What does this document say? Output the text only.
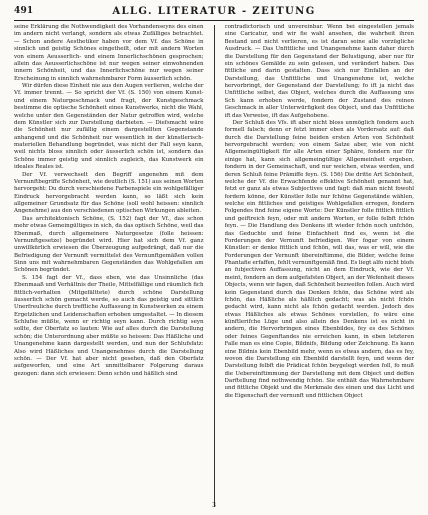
491	ALLG. LITERATUR - ZEITUNG

seine Erklärung die Nothwendigkeit des Vorhandenseyns des einen im andern nicht verlangt, sondern als etwas Zufälliges betrachtet. — Schon andere Aesthetiker haben vor dem Vf. das Schöne in sinnlich und geistig Schönes eingetheilt, oder mit andern Worten von einem Aeusserlich- und einem Innerlichschönen gesprochen; allein das Aeusserlichschöne ist nur wegen seiner einwohnenden innern Schönheit, und das Innerlichschöne nur wegen seiner Erscheinung in sinnlich wahrnehmbarer Form äusserlich schön.

Wir dürfen diese Einheit nie aus den Augen verlieren, welche der Vf. immer trennt. — So spricht der Vf. (S. 150) von einem Kunst- und einem Naturgeschmack und fragt, der Kunstgeschmack bestimme die optische Schönheit eines Kunstwerks, nicht die Wahl, welche unter den Gegenständen der Natur getroffen wird, welche dem Künstler sich zur Darstellung darbieten. — Diefsmacht wäre die Schönheit nur zufällig einem dargestellten Gegenstande anhangend und die Schönheit nur wesentlich in der künstlerisch-materiellen Behandlung begründet, was nicht der Fall seyn kann, weil nichts bloss sinnlich oder äusserlich schön ist, sondern das Schöne immer geistig und sinnlich zugleich, das Kunstwerk ein ideales Reales ist.

Der Vf. verwechselt den Begriff angenehm mit dem Vernunftbegriffe Schönheit, wie deutlich (S. 151) aus seinen Worten hervorgeht: Du durch verschiedene Farbenspiele ein wohlgefälliger Eindruck hervorgebracht werden kann, so läßt sich kein allgemeiner Grundsatz für das Schöne (soll wohl heissen: sinnlich Angenehme) aus den verschiedenen optischen Wirkungen ableiten.

Das architektonisch Schöne, (S. 152) fagt der Vf., das schon mehr etwas Gemeingültiges in sich, da das optisch Schöne, weil das Ebenmaß, durch allgemeinere Naturgesetze (folle heissen: Vernunftgesetze) begründet wird. Hier hat sich dem Vf. ganz unwillkürlich erwiesen die Überzeugung aufgedrängt, daß nur die Befriedigung der Vernunft vermittelst des Vernunftgemäßen vollen Sinn uns mit wahrnehmbaren Gegenständen das Wohlgefallen am Schönen begründet.

S. 154 fagt der Vf., dass eben, wie das Unsinnliche (das Ebenmaaß und Verhältnis der Theile, Mittelfällige und räumlich fich fittlich-verhalten (Mitgefälttete) durch schöne Darstellung äusserlich schön gemacht werde, so auch das geistig und sittlich Unerfreuliche durch treffliche Auffassung in Kunstwerken zu einem Ergetzlichen und Leidenschaften erhoben umgestaltet. — In diesem Schlufse müßte, wenn er richtig seyn kann. Durch richtig seyn sollte, der Oberfatz so lauten: Wie auf alles durch die Darstellung schön; die Unterordnung aber müßte so heissen: Das Häßliche und Unangenehme kann dargestellt werden, und nun der Schlufsfatz: Also wird Häßliches und Unangenehmes durch die Darstellung schön. — Der Vf. hat aber nicht gesehen, daß den Oberfatz aufgeworfen, und eine Art unmittelbarer Folgerung daraus gezogen: dann sich erwiesen: Denn schön und häßlich sind

contradictorisch und unvereinbar. Wenn bei eingestellen jemals eine Caricatur, und wir fie wahl ansehen, die wahrheit ihren Bestand und nicht verlieren, es ist daran seine alle vorzügliche Ausdruck. — Das Unfittliche und Unangenehme kann daher durch die Darstellung für den Gegenstand der Belustigung, aber nur für ein schönes Gemälde zu sein gelesen, und verändert haben. Das fittliche und darin gestalten. Dass sich nur Einfallen an der Darstellung, das Unfittliche und Unangenehme ist, welche hervorbringt, der Gegenstand der Darstellung; fo ift ja nicht das Unfittliche selbst, das Object, welches durch die Auffassung uns Sch kann erhoben werde, fondern der Zustand des reinen Geschmack in aller Unterwürfigkeit des Object, und das Unfittliche ift das Verweise, ift das Aufgehobene.

Der Schluß des Vfs. ift aber nicht bloss unmöglich fondern auch formell falsch; denn er fetzt immer eben als Vordersatz auf: daß durch die Darstellung feine beiden ersten Arten von Schönheit hervorgebracht werden; von einem Satze aber, wie von nicht Allgemeingültigkeit für alle Arten einer Sphäre, fondern nur für einige hat, kann sich allgemeingültige Allgemeinheit ergeben, fondern in der Gemeinschaft, und nur weichen, etwas werden, und deren Schluß feine Prämiffe feyn. (S. 156) Die dritte Art Schönheit, welche der Vf. die Erwachfende effektive Schönheit genannt hat, fetzt er ganz als etwas Subjectives und fagt: daß man nicht fowohl fordern könne, der Künstler folle nur fchöne Gegenstände wählen, welche ein fittliches und geistiges Wohlgefallen erregen, fondern Folgendes find feine eigene Worte: Der Künstler folle fittlich fittlich und geiftreich feyn, oder mit andern Worten, er folle felbft fchön feyn. — Die Handlung des Denkens ift wieder fchön noch unfchön, das Geduchte und feine Einfachheit find es, wenn ist die Forderungen der Vernunft befriedigen. Wer fogar von einem Künstler: er denke fittlich und fchön, will das, was er will, wie die Forderungen der Vernunft übereinftimme, die Bilder, welche feine Phantafie erfaffen, fehlt vernunftgemäß find. Es liegt alfo nicht blofs an fubjectiven Auffassung, nicht an dem Eindruck, wie der Vf. meint, fondern an dem aufgefafsten Object, an der Wefenheit dieses Objects, wenn wir fagen, daß Schönheit bezweifen follen. Auch wird kein Gegenstand durch das Denken fchön, das Schöne wird als fchön, das Häßliche als häßlich gedacht; was als nicht fchön gedacht wird, kann nicht als fchön gedacht werden. Jedoch des etwas Häßliches als etwas Schönes vorstellen, fo wäre eine künftlerifche Lüge und also allein des Denkens ist es nicht in andern, die Hervorbringen eines Ebenbildes, fey es des Schönes oder feines Gegenftandes nie erreichen kann, in eben letzteren Falle man es eine Copie, Bildnifs, Bildung oder Zeichnung. Es kann eine Bildnis kein Ebenbild mehr, wenn es etwas andern, das es fey, wovon die Darstellung ein Ebenbild darstellt feyn, und wenn der Darstellung felbft die Prädicat fchön beygelegt werden foll, fo muß die Uebereinftimmung der Darstellung mit dem Object und deffen Darftellung find nothwendig fchön. Sie enthält das Wahrnehmbare und fittliche Objekt und die Merkmale des einen und das Licht und die Eigenschaft der vernunft und fittlichen Object

3
